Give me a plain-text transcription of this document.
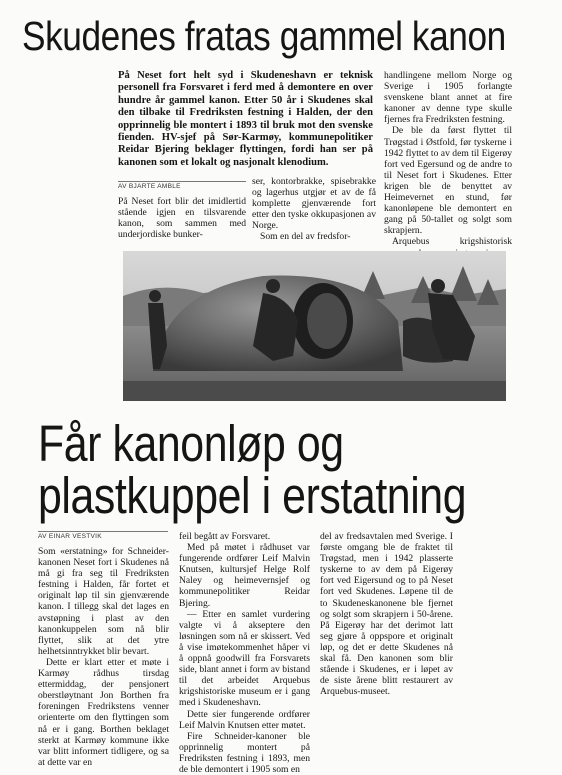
Skudenes fratas gammel kanon
På Neset fort helt syd i Skudeneshavn er teknisk personell fra Forsvaret i ferd med å demontere en over hundre år gammel kanon. Etter 50 år i Skudenes skal den tilbake til Fredriksten festning i Halden, der den opprinnelig ble montert i 1893 til bruk mot den svenske fienden. HV-sjef på Sør-Karmøy, kommunepolitiker Reidar Bjering beklager flyttingen, fordi han ser på kanonen som et lokalt og nasjonalt klenodium.
AV BJARTE AMBLE

På Neset fort blir det imidlertid stående igjen en tilsvarende kanon, som sammen med underjordiske bunker-

ser, kontorbrakke, spisebrakke og lagerhus utgjør et av de få komplette gjenværende fort etter den tyske okkupasjonen av Norge.

Som en del av fredsfor-

handlingene mellom Norge og Sverige i 1905 forlangte svenskene blant annet at fire kanoner av denne type skulle fjernes fra Fredriksten festning.

De ble da først flyttet til Trøgstad i Østfold, før tyskerne i 1942 flyttet to av dem til Eigerøy fort ved Egersund og de andre to til Neset fort i Skudenes. Etter krigen ble de benyttet av Heimevernet en stund, før kanonløpene ble demontert en gang på 50-tallet og solgt som skrapjern.

Arquebus krigshistorisk

Får kanonløp og
plastkuppel i erstatning
AV EINAR VESTVIK

Som «erstatning» for Schneider-kanonen Neset fort i Skudenes nå må gi fra seg til Fredriksten festning i Halden, får fortet et originalt løp til sin gjenværende kanon. I tillegg skal det lages en avstøpning i plast av den kanonkuppelen som nå blir flyttet, slik at det ytre helhetsinntrykket blir bevart.

Dette er klart etter et møte i Karmøy rådhus tirsdag ettermiddag, der pensjonert oberstløytnant Jon Borthen fra foreningen Fredrikstens venner orienterte om den flyttingen som nå er i gang. Borthen beklaget sterkt at Karmøy kommune ikke var blitt informert tidligere, og sa at dette var en

feil begått av Forsvaret.

Med på møtet i rådhuset var fungerende ordfører Leif Malvin Knutsen, kultursjef Helge Rolf Naley og heimevernsjef og kommunepolitiker Reidar Bjering.

— Etter en samlet vurdering valgte vi å akseptere den løsningen som nå er skissert. Ved å vise imøtekommenhet håper vi å oppnå goodwill fra Forsvarets side, blant annet i form av bistand til det arbeidet Arquebus krigshistoriske museum er i gang med i Skudeneshavn.

Dette sier fungerende ordfører Leif Malvin Knutsen etter møtet.

Fire Schneider-kanoner ble opprinnelig montert på Fredriksten festning i 1893, men de ble demontert i 1905 som en

del av fredsavtalen med Sverige. I første omgang ble de fraktet til Trøgstad, men i 1942 plasserte tyskerne to av dem på Eigerøy fort ved Eigersund og to på Neset fort ved Skudenes. Løpene til de to Skudeneskanonene ble fjernet og solgt som skrapjern i 50-årene. På Eigerøy har det derimot latt seg gjøre å oppspore et originalt løp, og det er dette Skudenes nå skal få. Den kanonen som blir stående i Skudenes, er i løpet av de siste årene blitt restaurert av Arquebus-museet.
